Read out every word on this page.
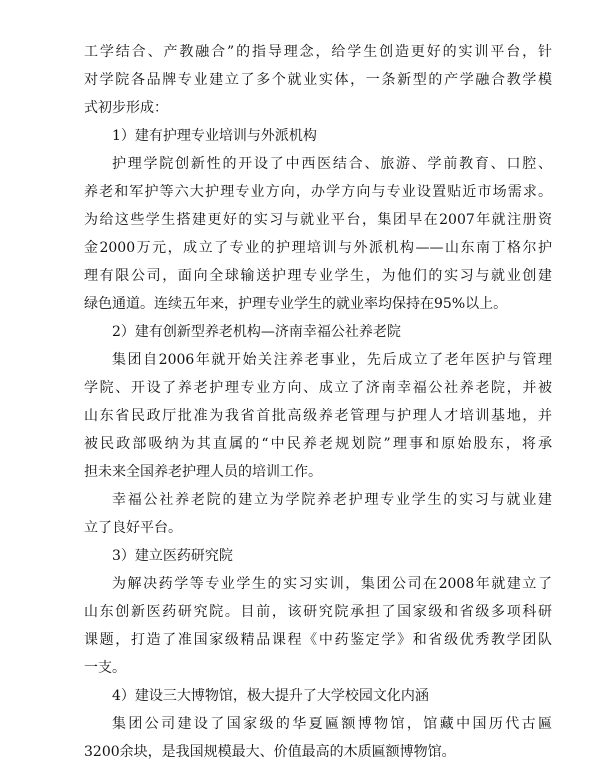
工学结合、产教融合”的指导理念，给学生创造更好的实训平台，针
对学院各品牌专业建立了多个就业实体，一条新型的产学融合教学模
式初步形成：
1）建有护理专业培训与外派机构
护理学院创新性的开设了中西医结合、旅游、学前教育、口腔、
养老和军护等六大护理专业方向，办学方向与专业设置贴近市场需求。
为给这些学生搭建更好的实习与就业平台，集团早在2007年就注册资
金2000万元，成立了专业的护理培训与外派机构——山东南丁格尔护
理有限公司，面向全球输送护理专业学生，为他们的实习与就业创建
绿色通道。连续五年来，护理专业学生的就业率均保持在95%以上。
2）建有创新型养老机构—济南幸福公社养老院
集团自2006年就开始关注养老事业，先后成立了老年医护与管理
学院、开设了养老护理专业方向、成立了济南幸福公社养老院，并被
山东省民政厅批准为我省首批高级养老管理与护理人才培训基地，并
被民政部吸纳为其直属的“中民养老规划院”理事和原始股东，将承
担未来全国养老护理人员的培训工作。
幸福公社养老院的建立为学院养老护理专业学生的实习与就业建
立了良好平台。
3）建立医药研究院
为解决药学等专业学生的实习实训，集团公司在2008年就建立了
山东创新医药研究院。目前，该研究院承担了国家级和省级多项科研
课题，打造了准国家级精品课程《中药鉴定学》和省级优秀教学团队
一支。
4）建设三大博物馆，极大提升了大学校园文化内涵
集团公司建设了国家级的华夏匾额博物馆，馆藏中国历代古匾
3200余块，是我国规模最大、价值最高的木质匾额博物馆。
